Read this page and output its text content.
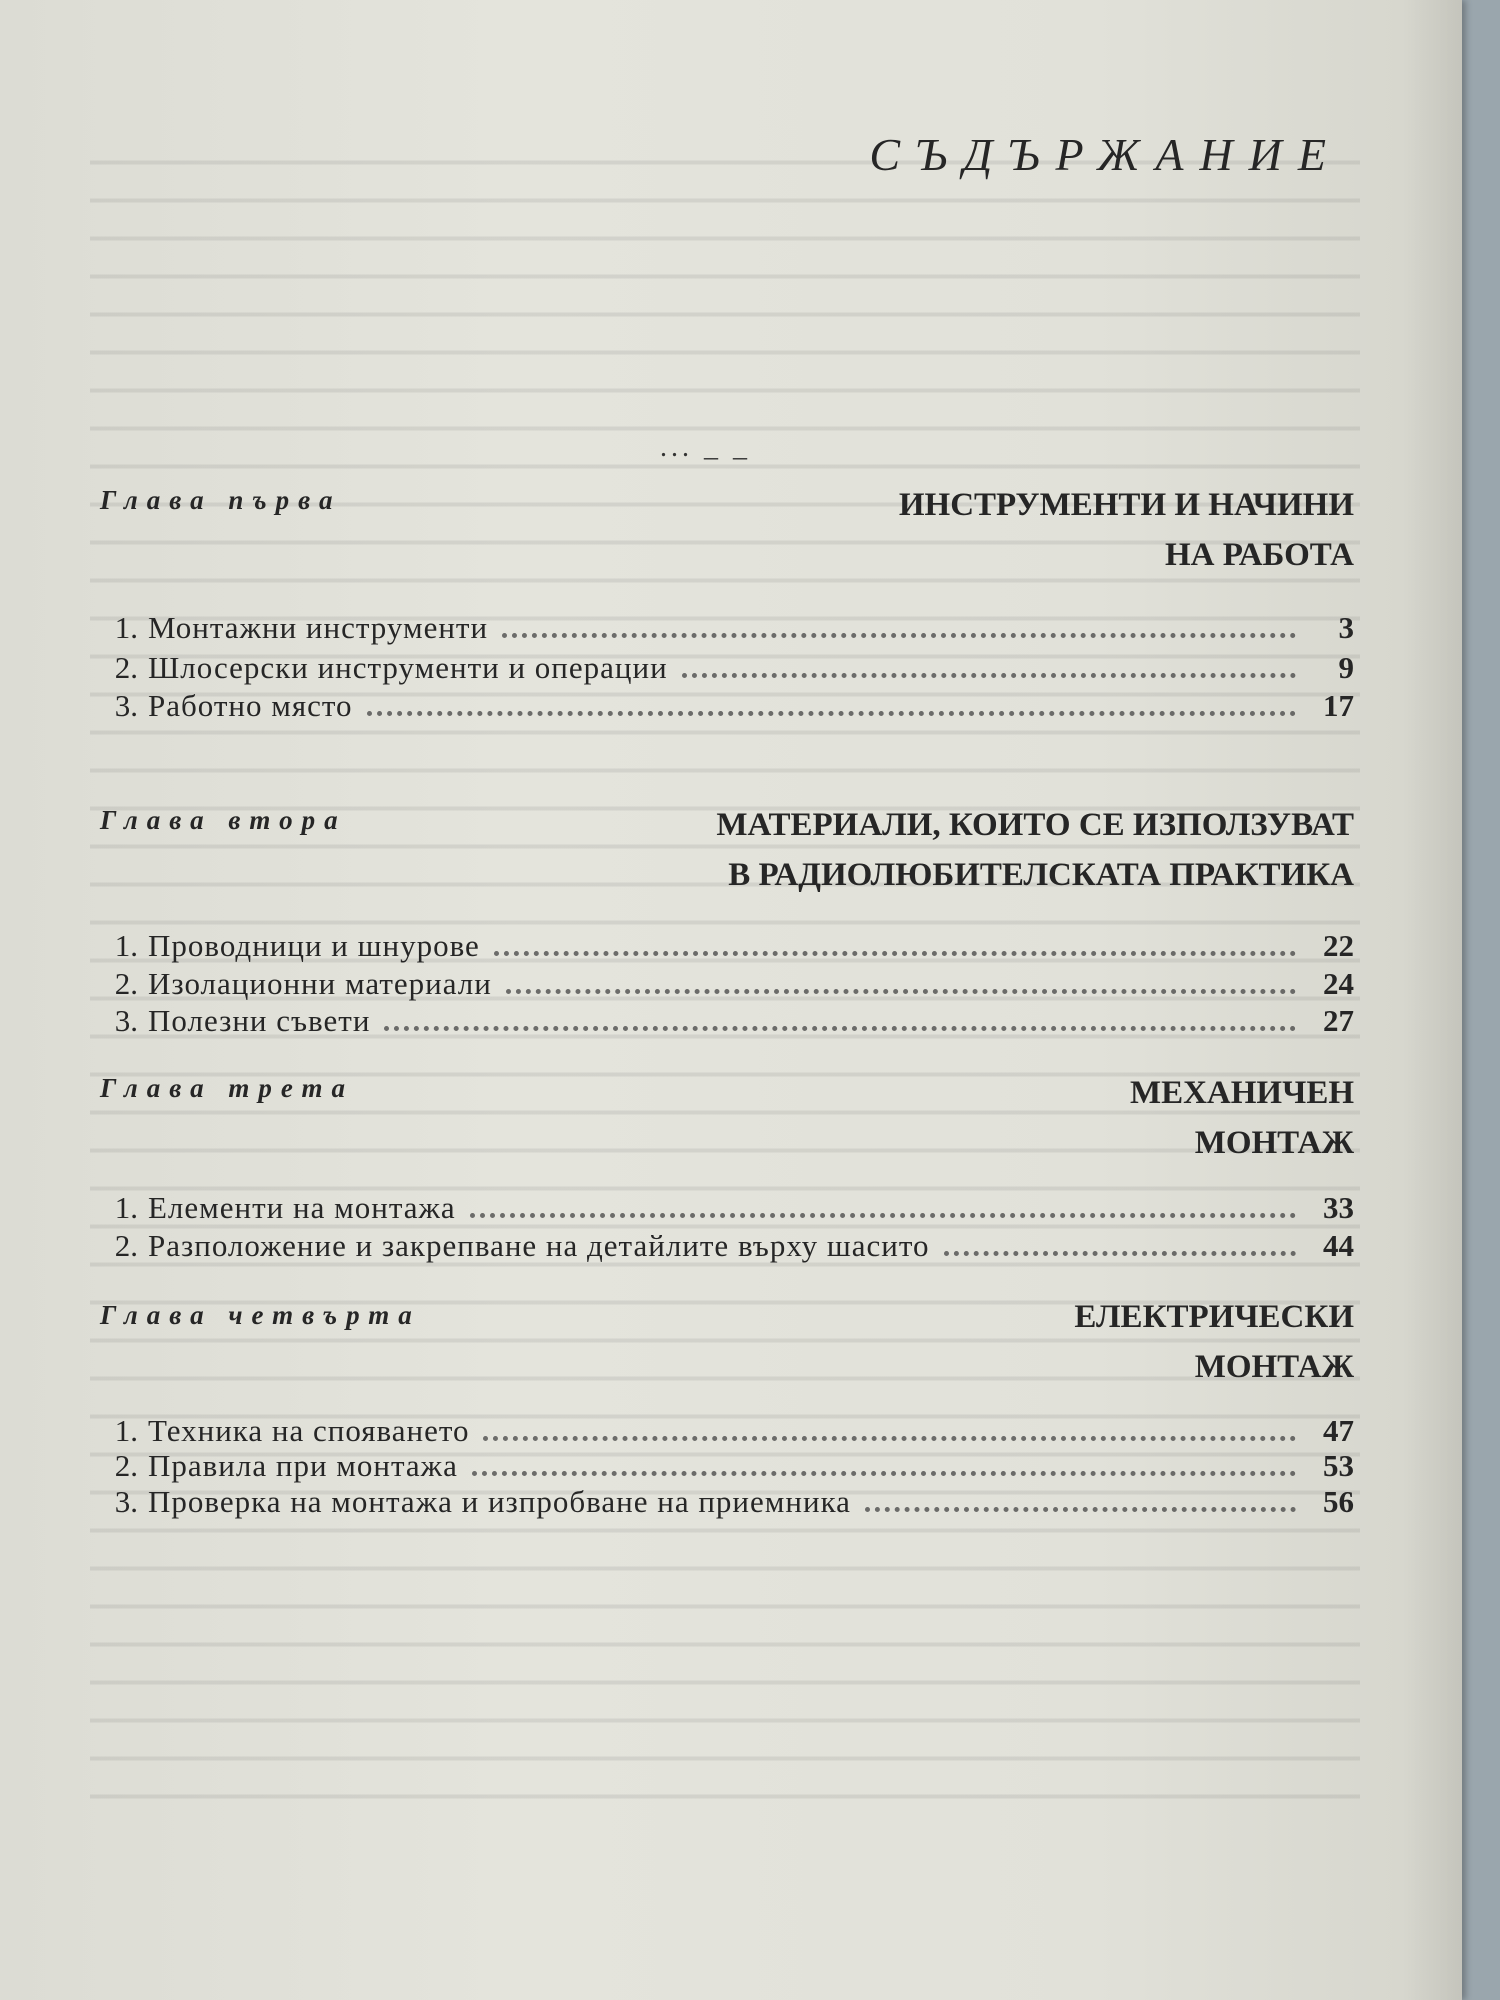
СЪДЪРЖАНИЕ
... _ _
Глава първа	ИНСТРУМЕНТИ И НАЧИНИ
НА РАБОТА
1. Монтажни инструменти	3
2. Шлосерски инструменти и операции	9
3. Работно място	17
Глава втора	МАТЕРИАЛИ, КОИТО СЕ ИЗПОЛЗУВАТ
В РАДИОЛЮБИТЕЛСКАТА ПРАКТИКА
1. Проводници и шнурове	22
2. Изолационни материали	24
3. Полезни съвети	27
Глава трета	МЕХАНИЧЕН
МОНТАЖ
1. Елементи на монтажа	33
2. Разположение и закрепване на детайлите върху шасито	44
Глава четвърта	ЕЛЕКТРИЧЕСКИ
МОНТАЖ
1. Техника на спояването	47
2. Правила при монтажа	53
3. Проверка на монтажа и изпробване на приемника	56
